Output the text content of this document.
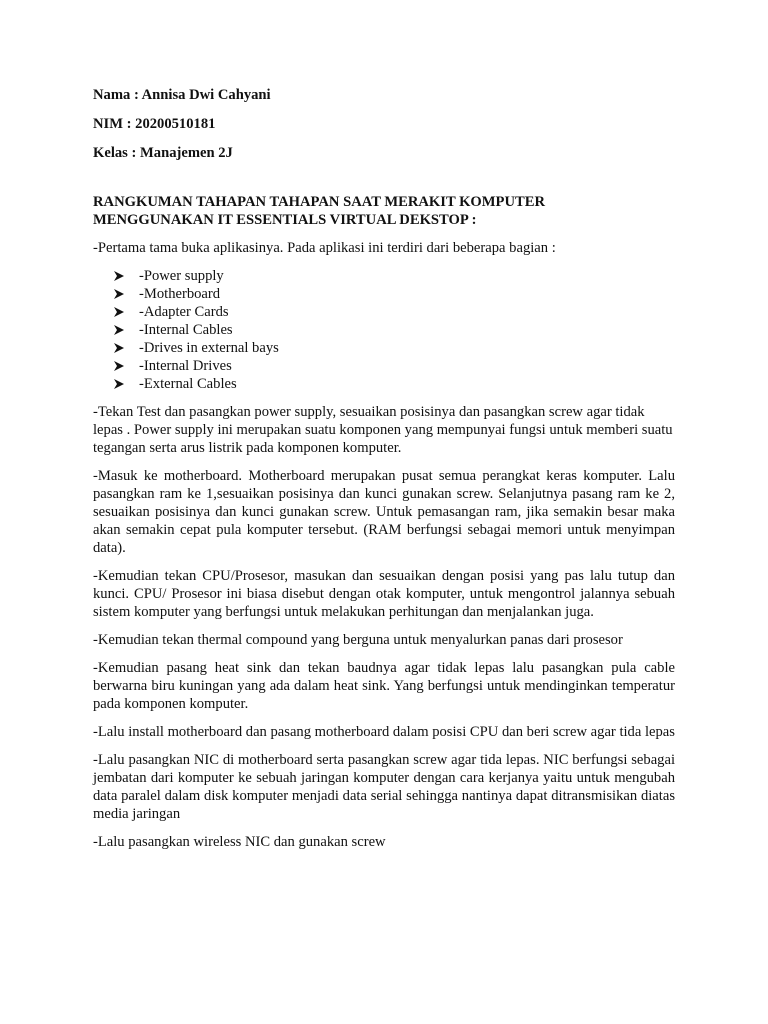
Nama : Annisa Dwi Cahyani

NIM : 20200510181

Kelas : Manajemen 2J

RANGKUMAN TAHAPAN TAHAPAN SAAT MERAKIT KOMPUTER
MENGGUNAKAN IT ESSENTIALS VIRTUAL DEKSTOP :

-Pertama tama buka aplikasinya. Pada aplikasi ini terdiri dari beberapa bagian :

-Power supply
-Motherboard
-Adapter Cards
-Internal Cables
-Drives in external bays
-Internal Drives
-External Cables

-Tekan Test dan pasangkan power supply, sesuaikan posisinya dan pasangkan screw agar tidak lepas . Power supply ini merupakan suatu komponen yang mempunyai fungsi untuk memberi suatu tegangan serta arus listrik pada komponen komputer.

-Masuk ke motherboard. Motherboard merupakan pusat semua perangkat keras komputer. Lalu pasangkan ram ke 1,sesuaikan posisinya dan kunci gunakan screw. Selanjutnya pasang ram ke 2, sesuaikan posisinya dan kunci gunakan screw. Untuk pemasangan ram, jika semakin besar maka akan semakin cepat pula komputer tersebut. (RAM berfungsi sebagai memori untuk menyimpan data).

-Kemudian tekan CPU/Prosesor, masukan dan sesuaikan dengan posisi yang pas lalu tutup dan kunci. CPU/ Prosesor ini biasa disebut dengan otak komputer, untuk mengontrol jalannya sebuah sistem komputer yang berfungsi untuk melakukan perhitungan dan menjalankan juga.

-Kemudian tekan thermal compound yang berguna untuk menyalurkan panas dari prosesor

-Kemudian pasang heat sink dan tekan baudnya agar tidak lepas lalu pasangkan pula cable berwarna biru kuningan yang ada dalam heat sink. Yang berfungsi untuk mendinginkan temperatur pada komponen komputer.

-Lalu install motherboard dan pasang motherboard dalam posisi CPU dan beri screw agar tida lepas

-Lalu pasangkan NIC di motherboard serta pasangkan screw agar tida lepas. NIC berfungsi sebagai jembatan dari komputer ke sebuah jaringan komputer dengan cara kerjanya yaitu untuk mengubah data paralel dalam disk komputer menjadi data serial sehingga nantinya dapat ditransmisikan diatas media jaringan

-Lalu pasangkan wireless NIC dan gunakan screw
